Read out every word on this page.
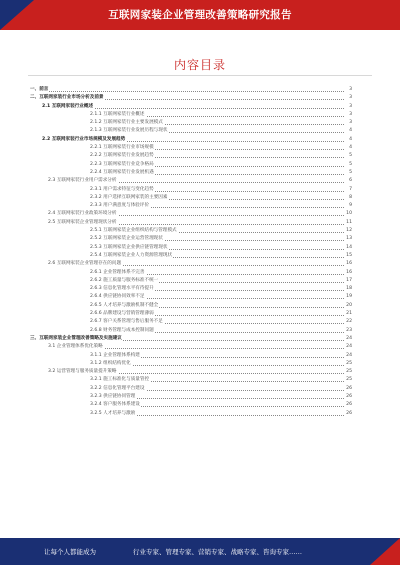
互联网家装企业管理改善策略研究报告
内容目录
一、前言	3
二、互联网家装行业市场分析及前景	3
2.1 互联网家装行业概述	3
2.1.1 互联网家装行业概述	3
2.1.2 互联网家装行业主要发展模式	3
2.1.3 互联网家装行业发展历程与现状	4
2.2 互联网家装行业市场规模及发展趋势	4
2.2.1 互联网家装行业市场规模	4
2.2.2 互联网家装行业发展趋势	5
2.2.3 互联网家装行业竞争格局	5
2.2.4 互联网家装行业发展机遇	5
2.3 互联网家装行业用户需求分析	6
2.3.1 用户需求特征与变化趋势	7
2.3.2 用户选择互联网家装的主要因素	8
2.3.3 用户满意度与体验评价	9
2.4 互联网家装行业政策环境分析	10
2.5 互联网家装企业管理现状分析	11
2.5.1 互联网家装企业组织结构与管理模式	12
2.5.2 互联网家装企业运营管理现状	13
2.5.3 互联网家装企业供应链管理现状	14
2.5.4 互联网家装企业人力资源管理现状	15
2.6 互联网家装企业管理存在的问题	16
2.6.1 企业管理体系不完善	16
2.6.2 施工质量与服务标准不统一	17
2.6.3 信息化管理水平有待提升	18
2.6.4 供应链协同效率不足	19
2.6.5 人才培养与激励机制不健全	20
2.6.6 品牌建设与营销管理薄弱	21
2.6.7 客户关系管理与售后服务不足	22
2.6.8 财务管理与成本控制问题	23
三、互联网家装企业管理改善策略及实施建议	24
3.1 企业管理体系优化策略	24
3.1.1 企业管理体系构建	24
3.1.2 组织结构优化	25
3.2 运营管理与服务质量提升策略	25
3.2.1 施工标准化与质量管控	25
3.2.2 信息化管理平台建设	26
3.2.3 供应链协同管理	26
3.2.4 客户服务体系建设	26
3.2.5 人才培养与激励	26
让每个人都能成为	行业专家、管理专家、营销专家、战略专家、咨询专家……
